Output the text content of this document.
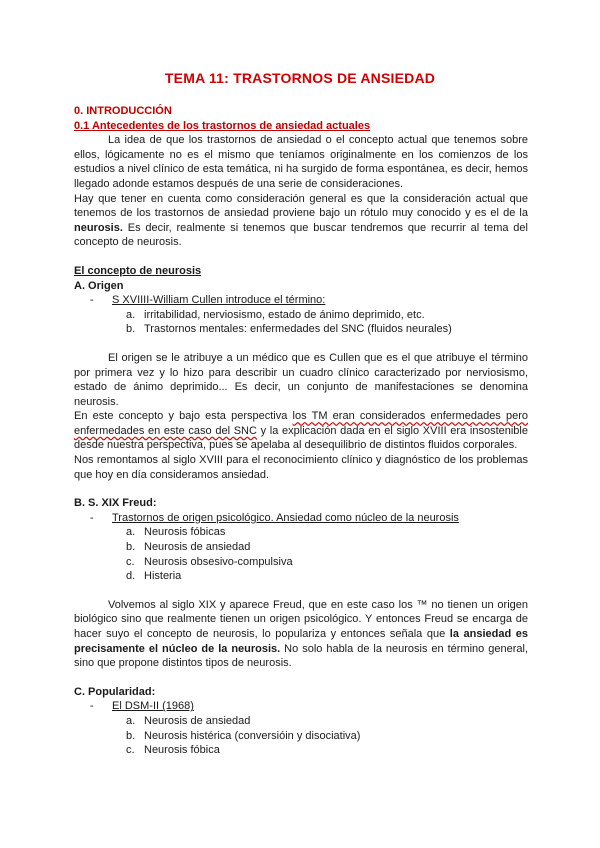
TEMA 11: TRASTORNOS DE ANSIEDAD
0. INTRODUCCIÓN
0.1 Antecedentes de los trastornos de ansiedad actuales

La idea de que los trastornos de ansiedad o el concepto actual que tenemos sobre ellos, lógicamente no es el mismo que teníamos originalmente en los comienzos de los estudios a nivel clínico de esta temática, ni ha surgido de forma espontánea, es decir, hemos llegado adonde estamos después de una serie de consideraciones.

Hay que tener en cuenta como consideración general es que la consideración actual que tenemos de los trastornos de ansiedad proviene bajo un rótulo muy conocido y es el de la neurosis. Es decir, realmente si tenemos que buscar tendremos que recurrir al tema del concepto de neurosis.

El concepto de neurosis
A. Origen
- S XVIIII-William Cullen introduce el término:
a. irritabilidad, nerviosismo, estado de ánimo deprimido, etc.
b. Trastornos mentales: enfermedades del SNC (fluidos neurales)

El origen se le atribuye a un médico que es Cullen que es el que atribuye el término por primera vez y lo hizo para describir un cuadro clínico caracterizado por nerviosismo, estado de ánimo deprimido... Es decir, un conjunto de manifestaciones se denomina neurosis.

En este concepto y bajo esta perspectiva los TM eran considerados enfermedades pero enfermedades en este caso del SNC y la explicación dada en el siglo XVIII era insostenible desde nuestra perspectiva, pues se apelaba al desequilibrio de distintos fluidos corporales.

Nos remontamos al siglo XVIII para el reconocimiento clínico y diagnóstico de los problemas que hoy en día consideramos ansiedad.

B. S. XIX Freud:
- Trastornos de origen psicológico. Ansiedad como núcleo de la neurosis
a. Neurosis fóbicas
b. Neurosis de ansiedad
c. Neurosis obsesivo-compulsiva
d. Histeria

Volvemos al siglo XIX y aparece Freud, que en este caso los ™ no tienen un origen biológico sino que realmente tienen un origen psicológico. Y entonces Freud se encarga de hacer suyo el concepto de neurosis, lo populariza y entonces señala que la ansiedad es precisamente el núcleo de la neurosis. No solo habla de la neurosis en término general, sino que propone distintos tipos de neurosis.

C. Popularidad:
- El DSM-II (1968)
a. Neurosis de ansiedad
b. Neurosis histérica (conversióin y disociativa)
c. Neurosis fóbica
